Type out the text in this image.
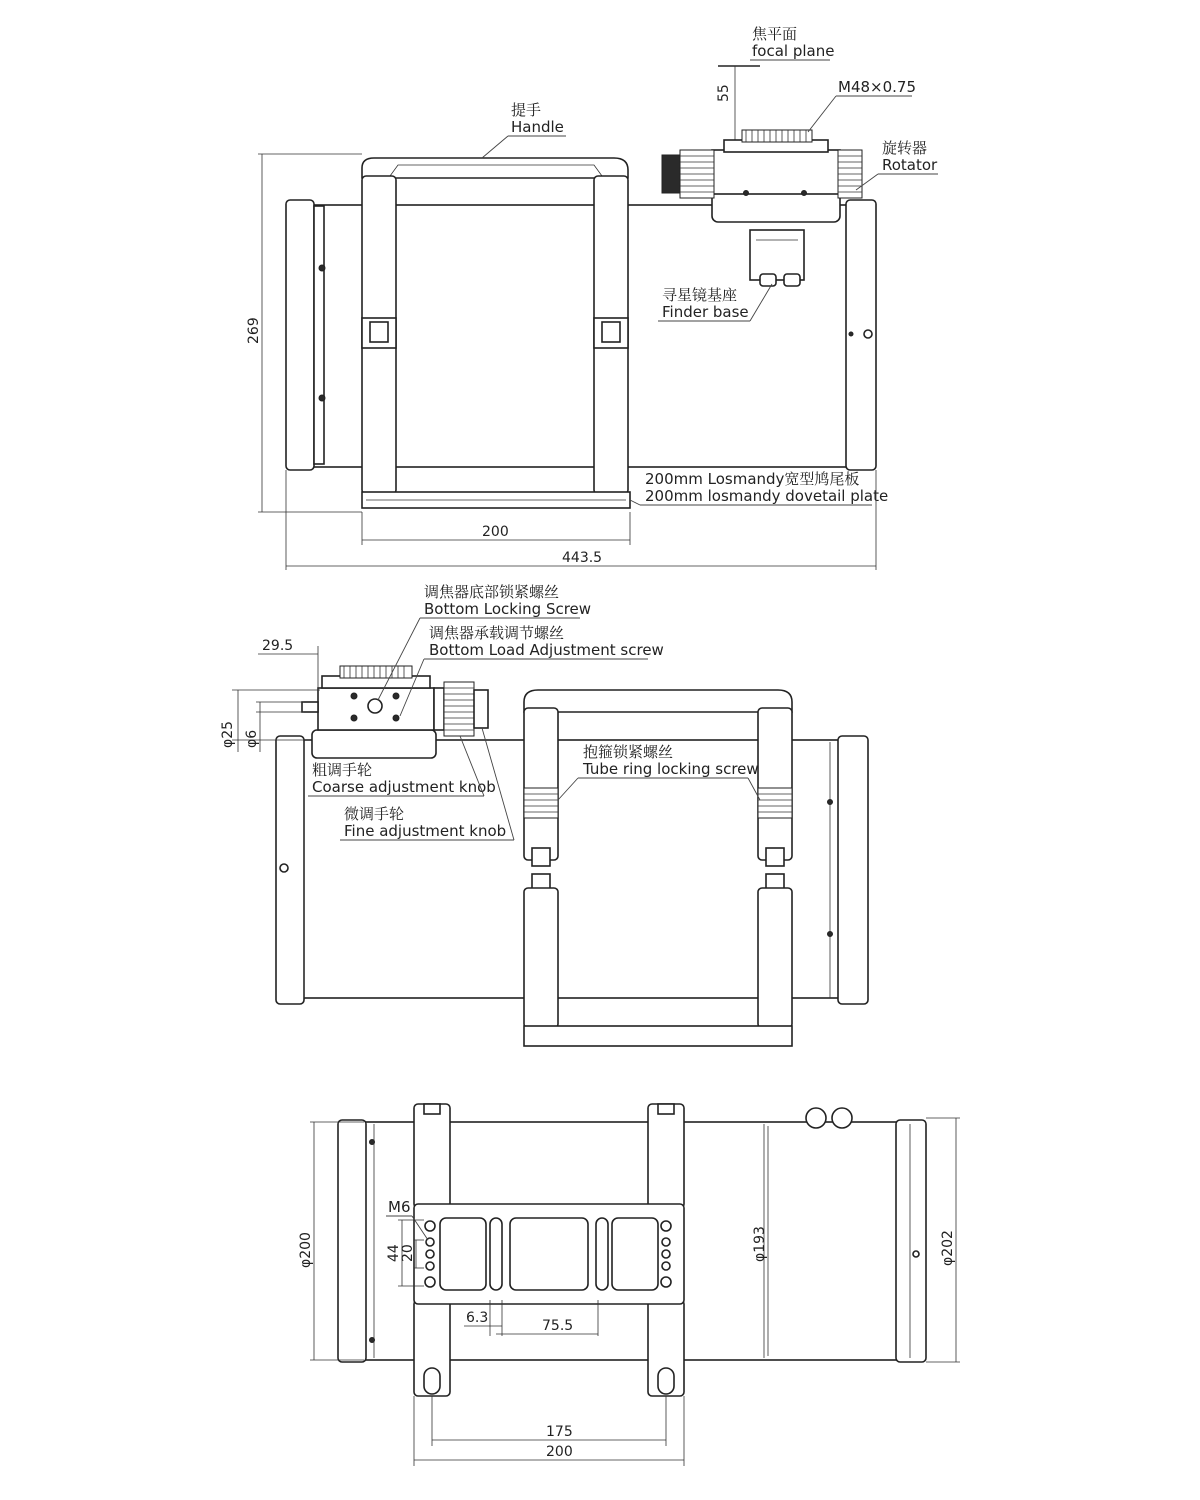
焦平面
focal plane
55
提手
Handle
M48×0.75
旋转器
Rotator
寻星镜基座
Finder base
200mm Losmandy宽型鸠尾板
200mm losmandy dovetail plate
269
200
443.5
调焦器底部锁紧螺丝
Bottom Locking Screw
调焦器承载调节螺丝
Bottom Load Adjustment screw
粗调手轮
Coarse adjustment knob
微调手轮
Fine adjustment knob
抱箍锁紧螺丝
Tube ring locking screw
29.5
φ25 φ6
M6
44
20
6.3	75.5
175
200
φ200	φ193	φ202
